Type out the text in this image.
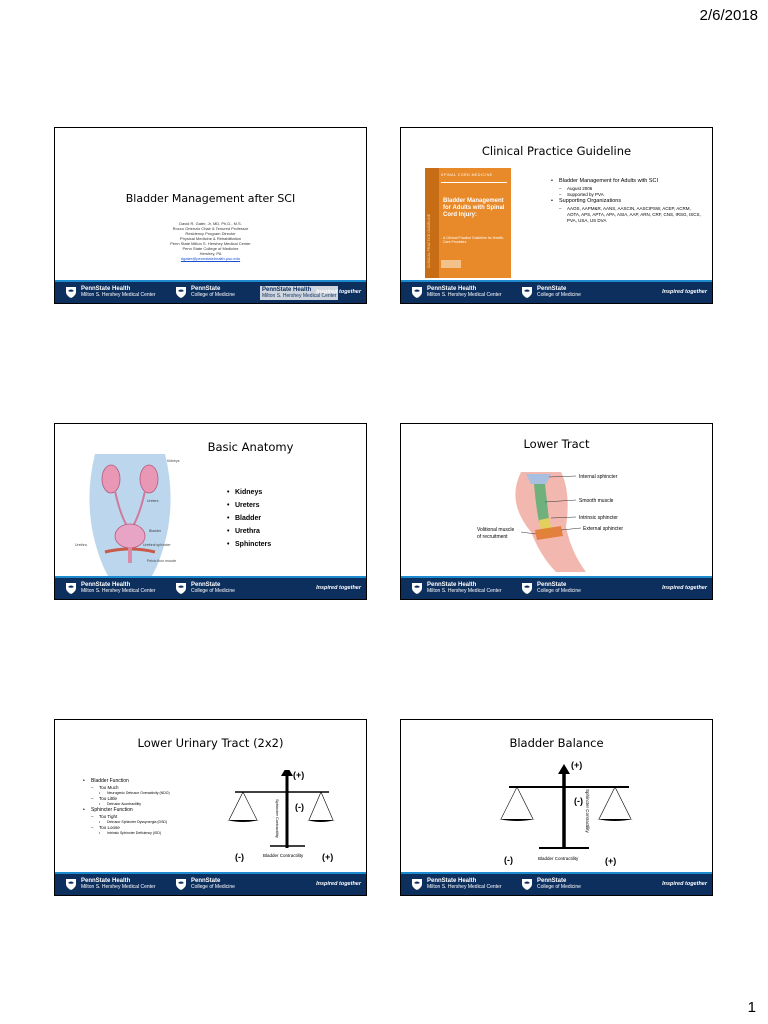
2/6/2018
Bladder Management after SCI
David R. Gater, Jr, MD, Ph.D., M.S.
Rocco Ortenzio Chair & Tenured Professor
Residency Program Director
Physical Medicine & Rehabilitation
Penn State Milton S. Hershey Medical Center
Penn State College of Medicine
Hershey, PA
dgater@pennstatehealth.psu.edu
PennState Health
Milton S. Hershey Medical Center
PennState
College of Medicine
PennState Health
Milton S. Hershey Medical Center
Inspired together
Clinical Practice Guideline
CLINICAL PRACTICE GUIDELINE
SPINAL CORD MEDICINE
Bladder Management for Adults with Spinal Cord Injury:
A Clinical Practice Guideline for Health-Care Providers
• Bladder Management for Adults with SCI
– August 2006
– Supported by PVA
• Supporting Organizations
– AAOS, AAPM&R, AANS, AASCIN, AASCIPSW, ACEP, ACRM, AOTA, APS, APTA, APA, ASIA, AAP, ARN, CRF, CNS, IRSG, ISCS, PVA, USA, US DVA
PennState Health
Milton S. Hershey Medical Center
PennState
College of Medicine	Inspired together
Basic Anatomy
Kidneys
Ureters
Bladder
Urethra	Urethral sphincter
Pelvic floor muscle
• Kidneys
• Ureters
• Bladder
• Urethra
• Sphincters
PennState Health
Milton S. Hershey Medical Center
PennState
College of Medicine	Inspired together
Lower Tract
Internal sphincter
Smooth muscle
Intrinsic sphincter
External sphincter
Volitional muscle
of recruitment
PennState Health
Milton S. Hershey Medical Center
PennState
College of Medicine	Inspired together
Lower Urinary Tract (2x2)
• Bladder Function
– Too Much
• Neurogenic Detrusor Overactivity (NDO)
– Too Little
• Detrusor Acontractility
• Sphincter Function
– Too Tight
• Detrusor Sphincter Dyssynergia (DSD)
– Too Loose
• Intrinsic Sphincter Deficiency (ISD)	Sphincter Contractility
(+)
(-)
(-)	(+)
Bladder Contractility
PennState Health
Milton S. Hershey Medical Center
PennState
College of Medicine	Inspired together
Bladder Balance
Sphincter Contractility
(+)
(-)
(-)	(+)
Bladder Contractility
PennState Health
Milton S. Hershey Medical Center
PennState
College of Medicine	Inspired together
1
